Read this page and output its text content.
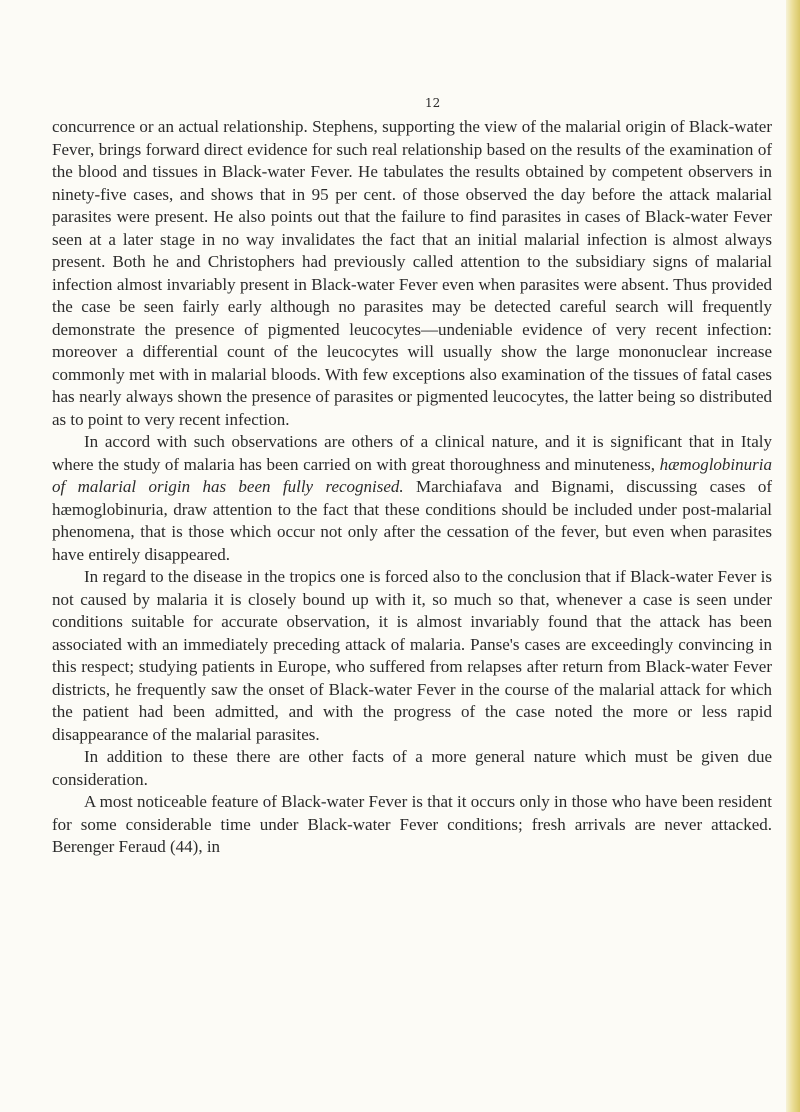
12

concurrence or an actual relationship. Stephens, supporting the view of the malarial origin of Black-water Fever, brings forward direct evidence for such real relationship based on the results of the examination of the blood and tissues in Black-water Fever. He tabulates the results obtained by competent observers in ninety-five cases, and shows that in 95 per cent. of those observed the day before the attack malarial parasites were present. He also points out that the failure to find parasites in cases of Black-water Fever seen at a later stage in no way invalidates the fact that an initial malarial infection is almost always present. Both he and Christophers had previously called attention to the subsidiary signs of malarial infection almost invariably present in Black-water Fever even when parasites were absent. Thus provided the case be seen fairly early although no parasites may be detected careful search will frequently demonstrate the presence of pigmented leucocytes—undeniable evidence of very recent infection: moreover a differential count of the leucocytes will usually show the large mononuclear increase commonly met with in malarial bloods. With few exceptions also examination of the tissues of fatal cases has nearly always shown the presence of parasites or pigmented leucocytes, the latter being so distributed as to point to very recent infection.

In accord with such observations are others of a clinical nature, and it is significant that in Italy where the study of malaria has been carried on with great thoroughness and minuteness, hæmoglobinuria of malarial origin has been fully recognised. Marchiafava and Bignami, discussing cases of hæmoglobinuria, draw attention to the fact that these conditions should be included under post-malarial phenomena, that is those which occur not only after the cessation of the fever, but even when parasites have entirely disappeared.

In regard to the disease in the tropics one is forced also to the conclusion that if Black-water Fever is not caused by malaria it is closely bound up with it, so much so that, whenever a case is seen under conditions suitable for accurate observation, it is almost invariably found that the attack has been associated with an immediately preceding attack of malaria. Panse's cases are exceedingly convincing in this respect; studying patients in Europe, who suffered from relapses after return from Black-water Fever districts, he frequently saw the onset of Black-water Fever in the course of the malarial attack for which the patient had been admitted, and with the progress of the case noted the more or less rapid disappearance of the malarial parasites.

In addition to these there are other facts of a more general nature which must be given due consideration.

A most noticeable feature of Black-water Fever is that it occurs only in those who have been resident for some considerable time under Black-water Fever conditions; fresh arrivals are never attacked. Berenger Feraud (44), in
